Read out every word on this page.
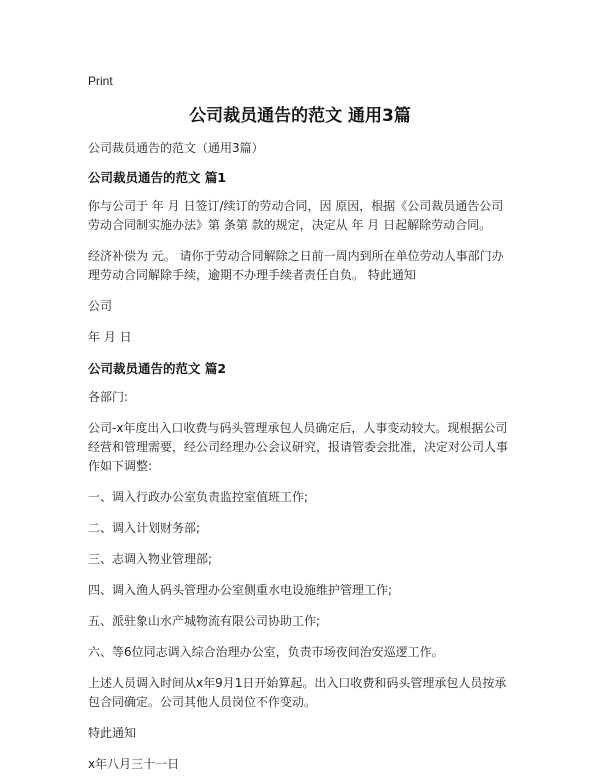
Print
公司裁员通告的范文 通用3篇

公司裁员通告的范文（通用3篇）

公司裁员通告的范文 篇1

你与公司于 年 月 日签订/续订的劳动合同，因 原因，根据《公司裁员通告公司劳动合同制实施办法》第 条第 款的规定，决定从 年 月 日起解除劳动合同。

经济补偿为 元。 请你于劳动合同解除之日前一周内到所在单位劳动人事部门办理劳动合同解除手续，逾期不办理手续者责任自负。 特此通知

公司

年 月 日

公司裁员通告的范文 篇2

各部门:

公司-x年度出入口收费与码头管理承包人员确定后，人事变动较大。现根据公司经营和管理需要，经公司经理办公会议研究，报请管委会批准，决定对公司人事作如下调整:

一、调入行政办公室负责监控室值班工作;

二、调入计划财务部;

三、志调入物业管理部;

四、调入渔人码头管理办公室侧重水电设施维护管理工作;

五、派驻象山水产城物流有限公司协助工作;

六、等6位同志调入综合治理办公室，负责市场夜间治安巡逻工作。

上述人员调入时间从x年9月1日开始算起。出入口收费和码头管理承包人员按承包合同确定。公司其他人员岗位不作变动。

特此通知

x年八月三十一日
